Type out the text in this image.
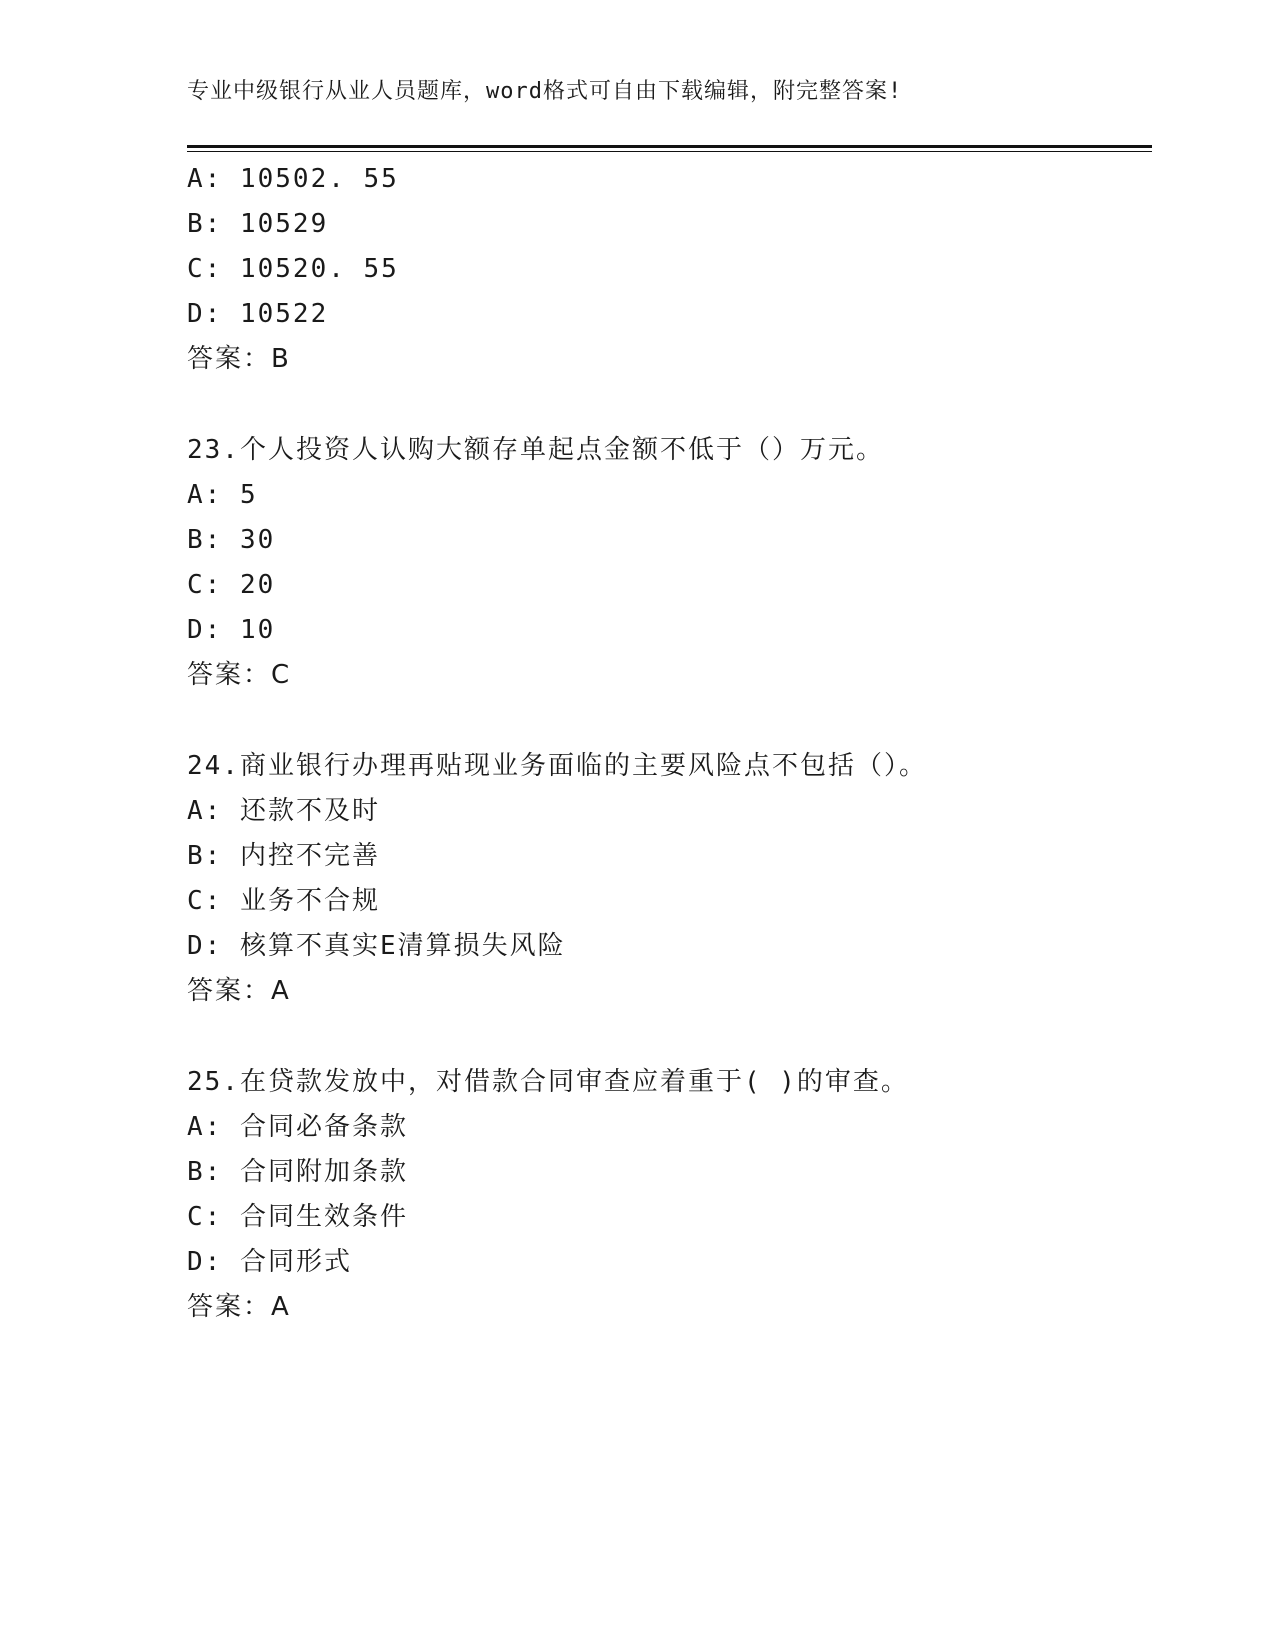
专业中级银行从业人员题库，word格式可自由下载编辑，附完整答案!
A: 10502. 55
B: 10529
C: 10520. 55
D: 10522
答案：B
23.个人投资人认购大额存单起点金额不低于（）万元。
A: 5
B: 30
C: 20
D: 10
答案：C
24.商业银行办理再贴现业务面临的主要风险点不包括（）。
A: 还款不及时
B: 内控不完善
C: 业务不合规
D: 核算不真实E清算损失风险
答案：A
25.在贷款发放中，对借款合同审查应着重于( )的审查。
A: 合同必备条款
B: 合同附加条款
C: 合同生效条件
D: 合同形式
答案：A
